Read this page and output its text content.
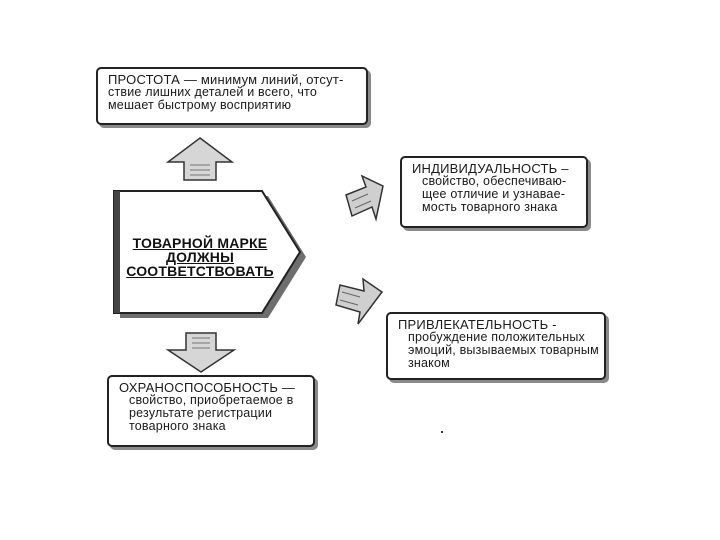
ТОВАРНОЙ МАРКЕ
ДОЛЖНЫ
СООТВЕТСТВОВАТЬ
ПРОСТОТА — минимум линий, отсут-
ствие лишних деталей и всего, что
мешает быстрому восприятию
ИНДИВИДУАЛЬНОСТЬ –
свойство, обеспечиваю-
щее отличие и узнавае-
мость товарного знака
ПРИВЛЕКАТЕЛЬНОСТЬ -
пробуждение положительных
эмоций, вызываемых товарным
знаком
ОХРАНОСПОСОБНОСТЬ —
свойство, приобретаемое в
результате регистрации
товарного знака
